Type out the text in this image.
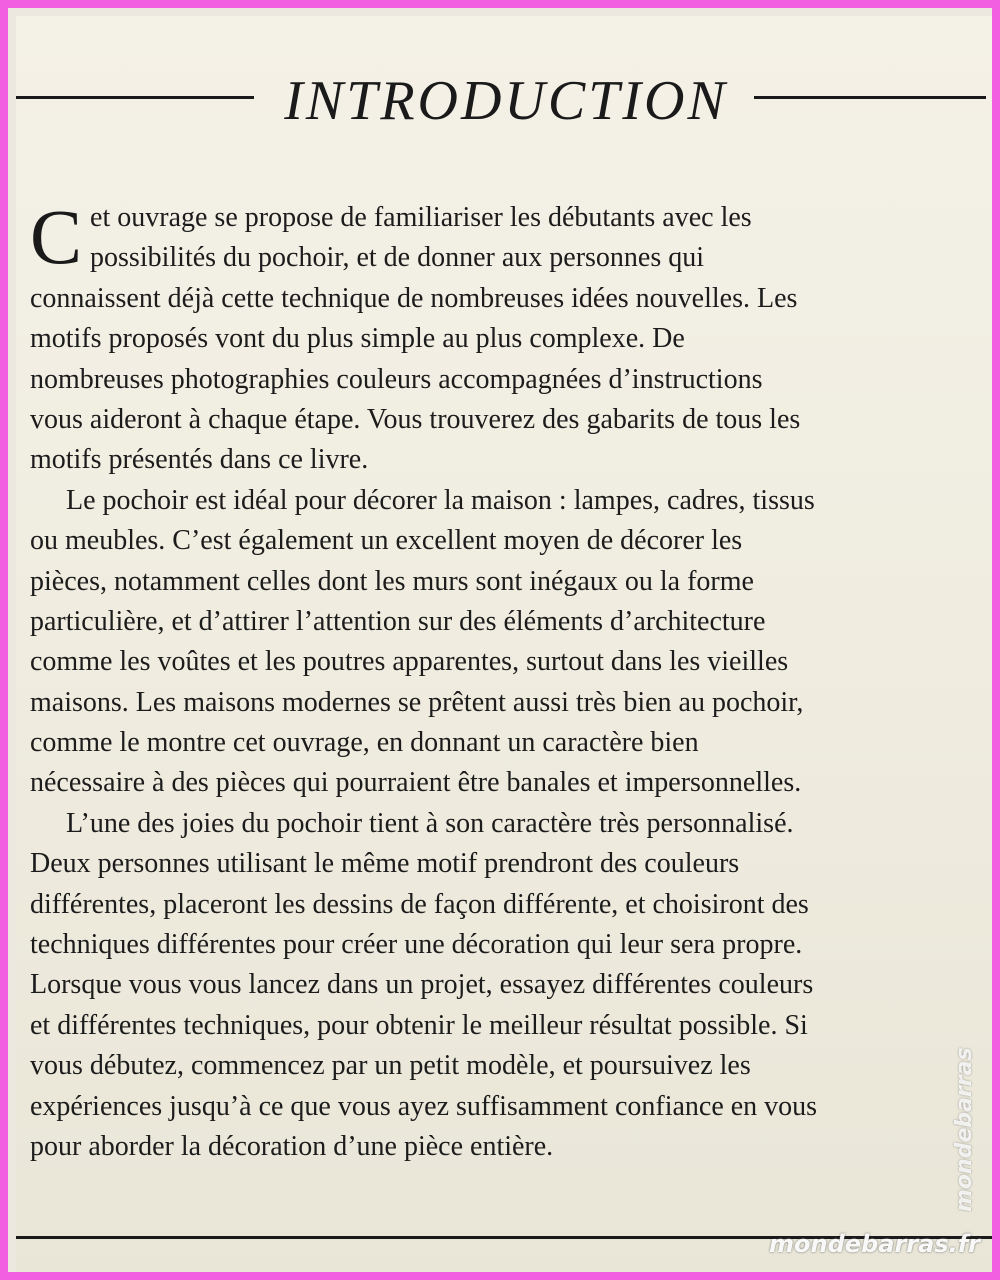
INTRODUCTION
C et ouvrage se propose de familiariser les débutants avec les
possibilités du pochoir, et de donner aux personnes qui
connaissent déjà cette technique de nombreuses idées nouvelles. Les
motifs proposés vont du plus simple au plus complexe. De
nombreuses photographies couleurs accompagnées d’instructions
vous aideront à chaque étape. Vous trouverez des gabarits de tous les
motifs présentés dans ce livre.
Le pochoir est idéal pour décorer la maison : lampes, cadres, tissus
ou meubles. C’est également un excellent moyen de décorer les
pièces, notamment celles dont les murs sont inégaux ou la forme
particulière, et d’attirer l’attention sur des éléments d’architecture
comme les voûtes et les poutres apparentes, surtout dans les vieilles
maisons. Les maisons modernes se prêtent aussi très bien au pochoir,
comme le montre cet ouvrage, en donnant un caractère bien
nécessaire à des pièces qui pourraient être banales et impersonnelles.
L’une des joies du pochoir tient à son caractère très personnalisé.
Deux personnes utilisant le même motif prendront des couleurs
différentes, placeront les dessins de façon différente, et choisiront des
techniques différentes pour créer une décoration qui leur sera propre.
Lorsque vous vous lancez dans un projet, essayez différentes couleurs
et différentes techniques, pour obtenir le meilleur résultat possible. Si
vous débutez, commencez par un petit modèle, et poursuivez les
expériences jusqu’à ce que vous ayez suffisamment confiance en vous
pour aborder la décoration d’une pièce entière.	mondebarras
mondebarras.fr
